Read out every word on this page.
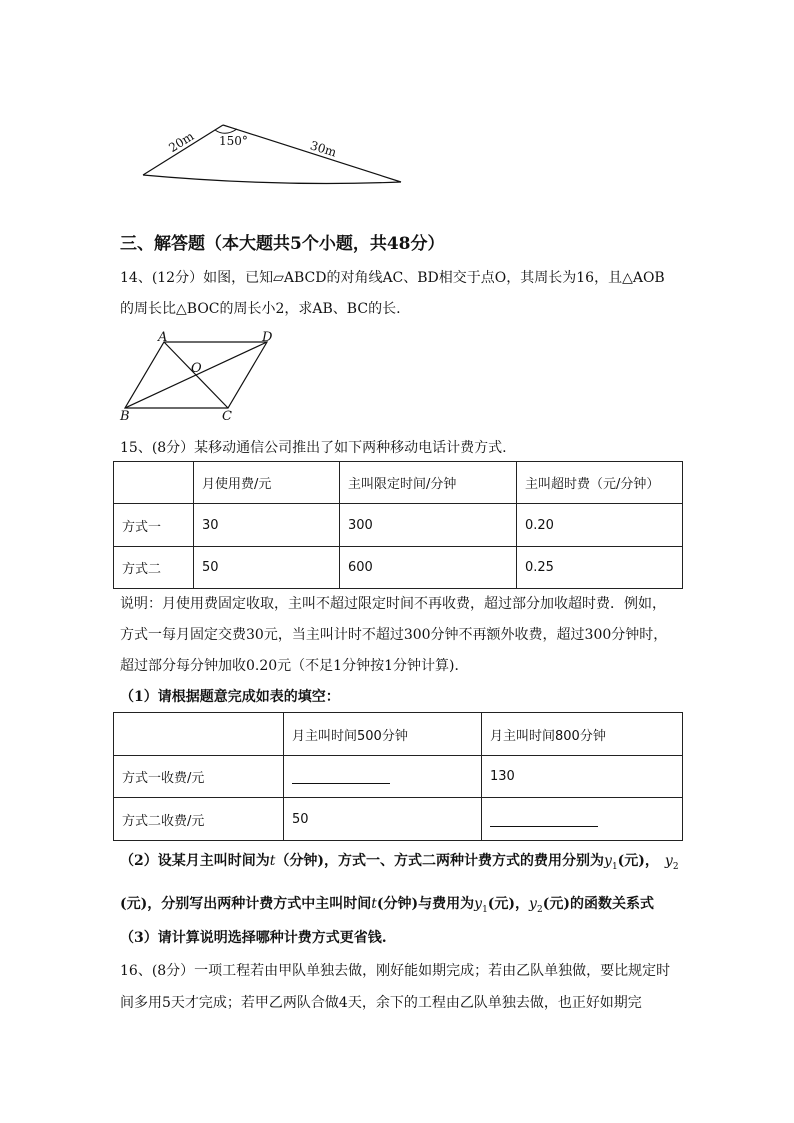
20m 150°	30m
三、解答题（本大题共5个小题，共48分）
14、(12分）如图，已知▱ABCD的对角线AC、BD相交于点O，其周长为16，且△AOB
的周长比△BOC的周长小2，求AB、BC的长.
A	D
O
B	C
15、(8分）某移动通信公司推出了如下两种移动电话计费方式.
	月使用费/元	主叫限定时间/分钟	主叫超时费（元/分钟）
方式一	30	300	0.20
方式二	50	600	0.25
说明：月使用费固定收取，主叫不超过限定时间不再收费，超过部分加收超时费．例如，
方式一每月固定交费30元，当主叫计时不超过300分钟不再额外收费，超过300分钟时，
超过部分每分钟加收0.20元（不足1分钟按1分钟计算)．
（1）请根据题意完成如表的填空：
	月主叫时间500分钟	月主叫时间800分钟
方式一收费/元		130
方式二收费/元	50	
（2）设某月主叫时间为t（分钟)，方式一、方式二两种计费方式的费用分别为$y_1$(元)， $y_2$
(元)，分别写出两种计费方式中主叫时间t(分钟)与费用为$y_1$(元)，$y_2$(元)的函数关系式
（3）请计算说明选择哪种计费方式更省钱.
16、(8分）一项工程若由甲队单独去做，刚好能如期完成；若由乙队单独做，要比规定时
间多用5天才完成；若甲乙两队合做4天，余下的工程由乙队单独去做，也正好如期完
